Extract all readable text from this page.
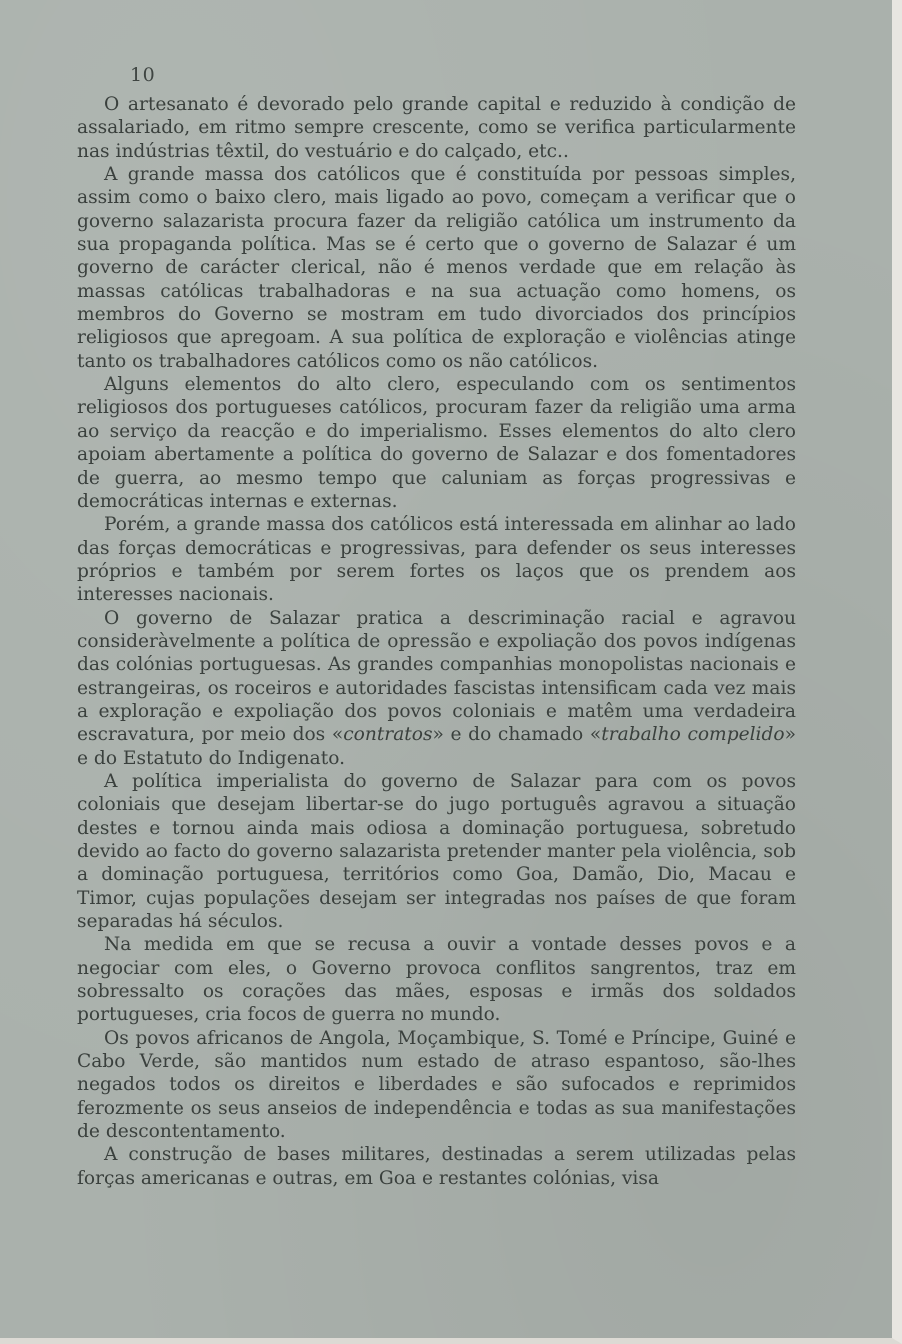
10

O artesanato é devorado pelo grande capital e reduzido à condição de assalariado, em ritmo sempre crescente, como se verifica particularmente nas indústrias têxtil, do vestuário e do calçado, etc..

A grande massa dos católicos que é constituída por pessoas simples, assim como o baixo clero, mais ligado ao povo, começam a verificar que o governo salazarista procura fazer da religião católica um instrumento da sua propaganda política. Mas se é certo que o governo de Salazar é um governo de carácter clerical, não é menos verdade que em relação às massas católicas trabalhadoras e na sua actuação como homens, os membros do Governo se mostram em tudo divorciados dos princípios religiosos que apregoam. A sua política de exploração e violências atinge tanto os trabalhadores católicos como os não católicos.

Alguns elementos do alto clero, especulando com os sentimentos religiosos dos portugueses católicos, procuram fazer da religião uma arma ao serviço da reacção e do imperialismo. Esses elementos do alto clero apoiam abertamente a política do governo de Salazar e dos fomentadores de guerra, ao mesmo tempo que caluniam as forças progressivas e democráticas internas e externas.

Porém, a grande massa dos católicos está interessada em alinhar ao lado das forças democráticas e progressivas, para defender os seus interesses próprios e também por serem fortes os laços que os prendem aos interesses nacionais.

O governo de Salazar pratica a descriminação racial e agravou consideràvelmente a política de opressão e expoliação dos povos indígenas das colónias portuguesas. As grandes companhias monopolistas nacionais e estrangeiras, os roceiros e autoridades fascistas intensificam cada vez mais a exploração e expoliação dos povos coloniais e matêm uma verdadeira escravatura, por meio dos «contratos» e do chamado «trabalho compelido» e do Estatuto do Indigenato.

A política imperialista do governo de Salazar para com os povos coloniais que desejam libertar-se do jugo português agravou a situação destes e tornou ainda mais odiosa a dominação portuguesa, sobretudo devido ao facto do governo salazarista pretender manter pela violência, sob a dominação portuguesa, territórios como Goa, Damão, Dio, Macau e Timor, cujas populações desejam ser integradas nos países de que foram separadas há séculos.

Na medida em que se recusa a ouvir a vontade desses povos e a negociar com eles, o Governo provoca conflitos sangrentos, traz em sobressalto os corações das mães, esposas e irmãs dos soldados portugueses, cria focos de guerra no mundo.

Os povos africanos de Angola, Moçambique, S. Tomé e Príncipe, Guiné e Cabo Verde, são mantidos num estado de atraso espantoso, são-lhes negados todos os direitos e liberdades e são sufocados e reprimidos ferozmente os seus anseios de independência e todas as sua manifestações de descontentamento.

A construção de bases militares, destinadas a serem utilizadas pelas forças americanas e outras, em Goa e restantes colónias, visa
